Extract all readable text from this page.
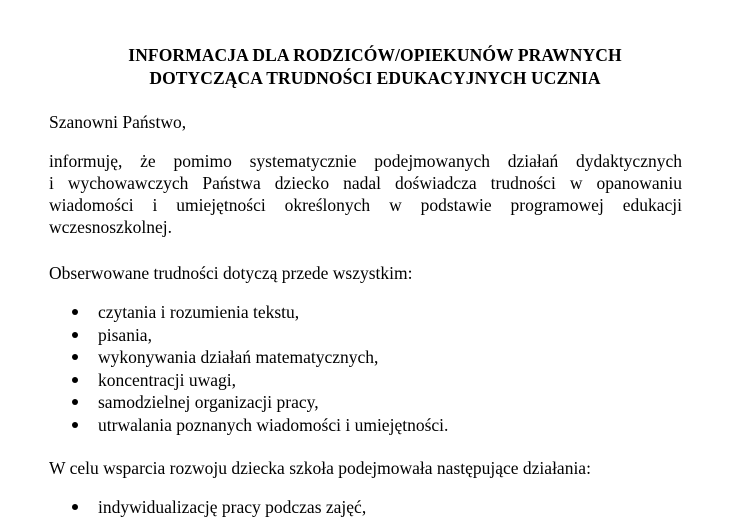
INFORMACJA DLA RODZICÓW/OPIEKUNÓW PRAWNYCH
DOTYCZĄCA TRUDNOŚCI EDUKACYJNYCH UCZNIA
Szanowni Państwo,
informuję, że pomimo systematycznie podejmowanych działań dydaktycznych
i wychowawczych Państwa dziecko nadal doświadcza trudności w opanowaniu
wiadomości i umiejętności określonych w podstawie programowej edukacji
wczesnoszkolnej.
Obserwowane trudności dotyczą przede wszystkim:
czytania i rozumienia tekstu,
pisania,
wykonywania działań matematycznych,
koncentracji uwagi,
samodzielnej organizacji pracy,
utrwalania poznanych wiadomości i umiejętności.
W celu wsparcia rozwoju dziecka szkoła podejmowała następujące działania:
indywidualizację pracy podczas zajęć,
